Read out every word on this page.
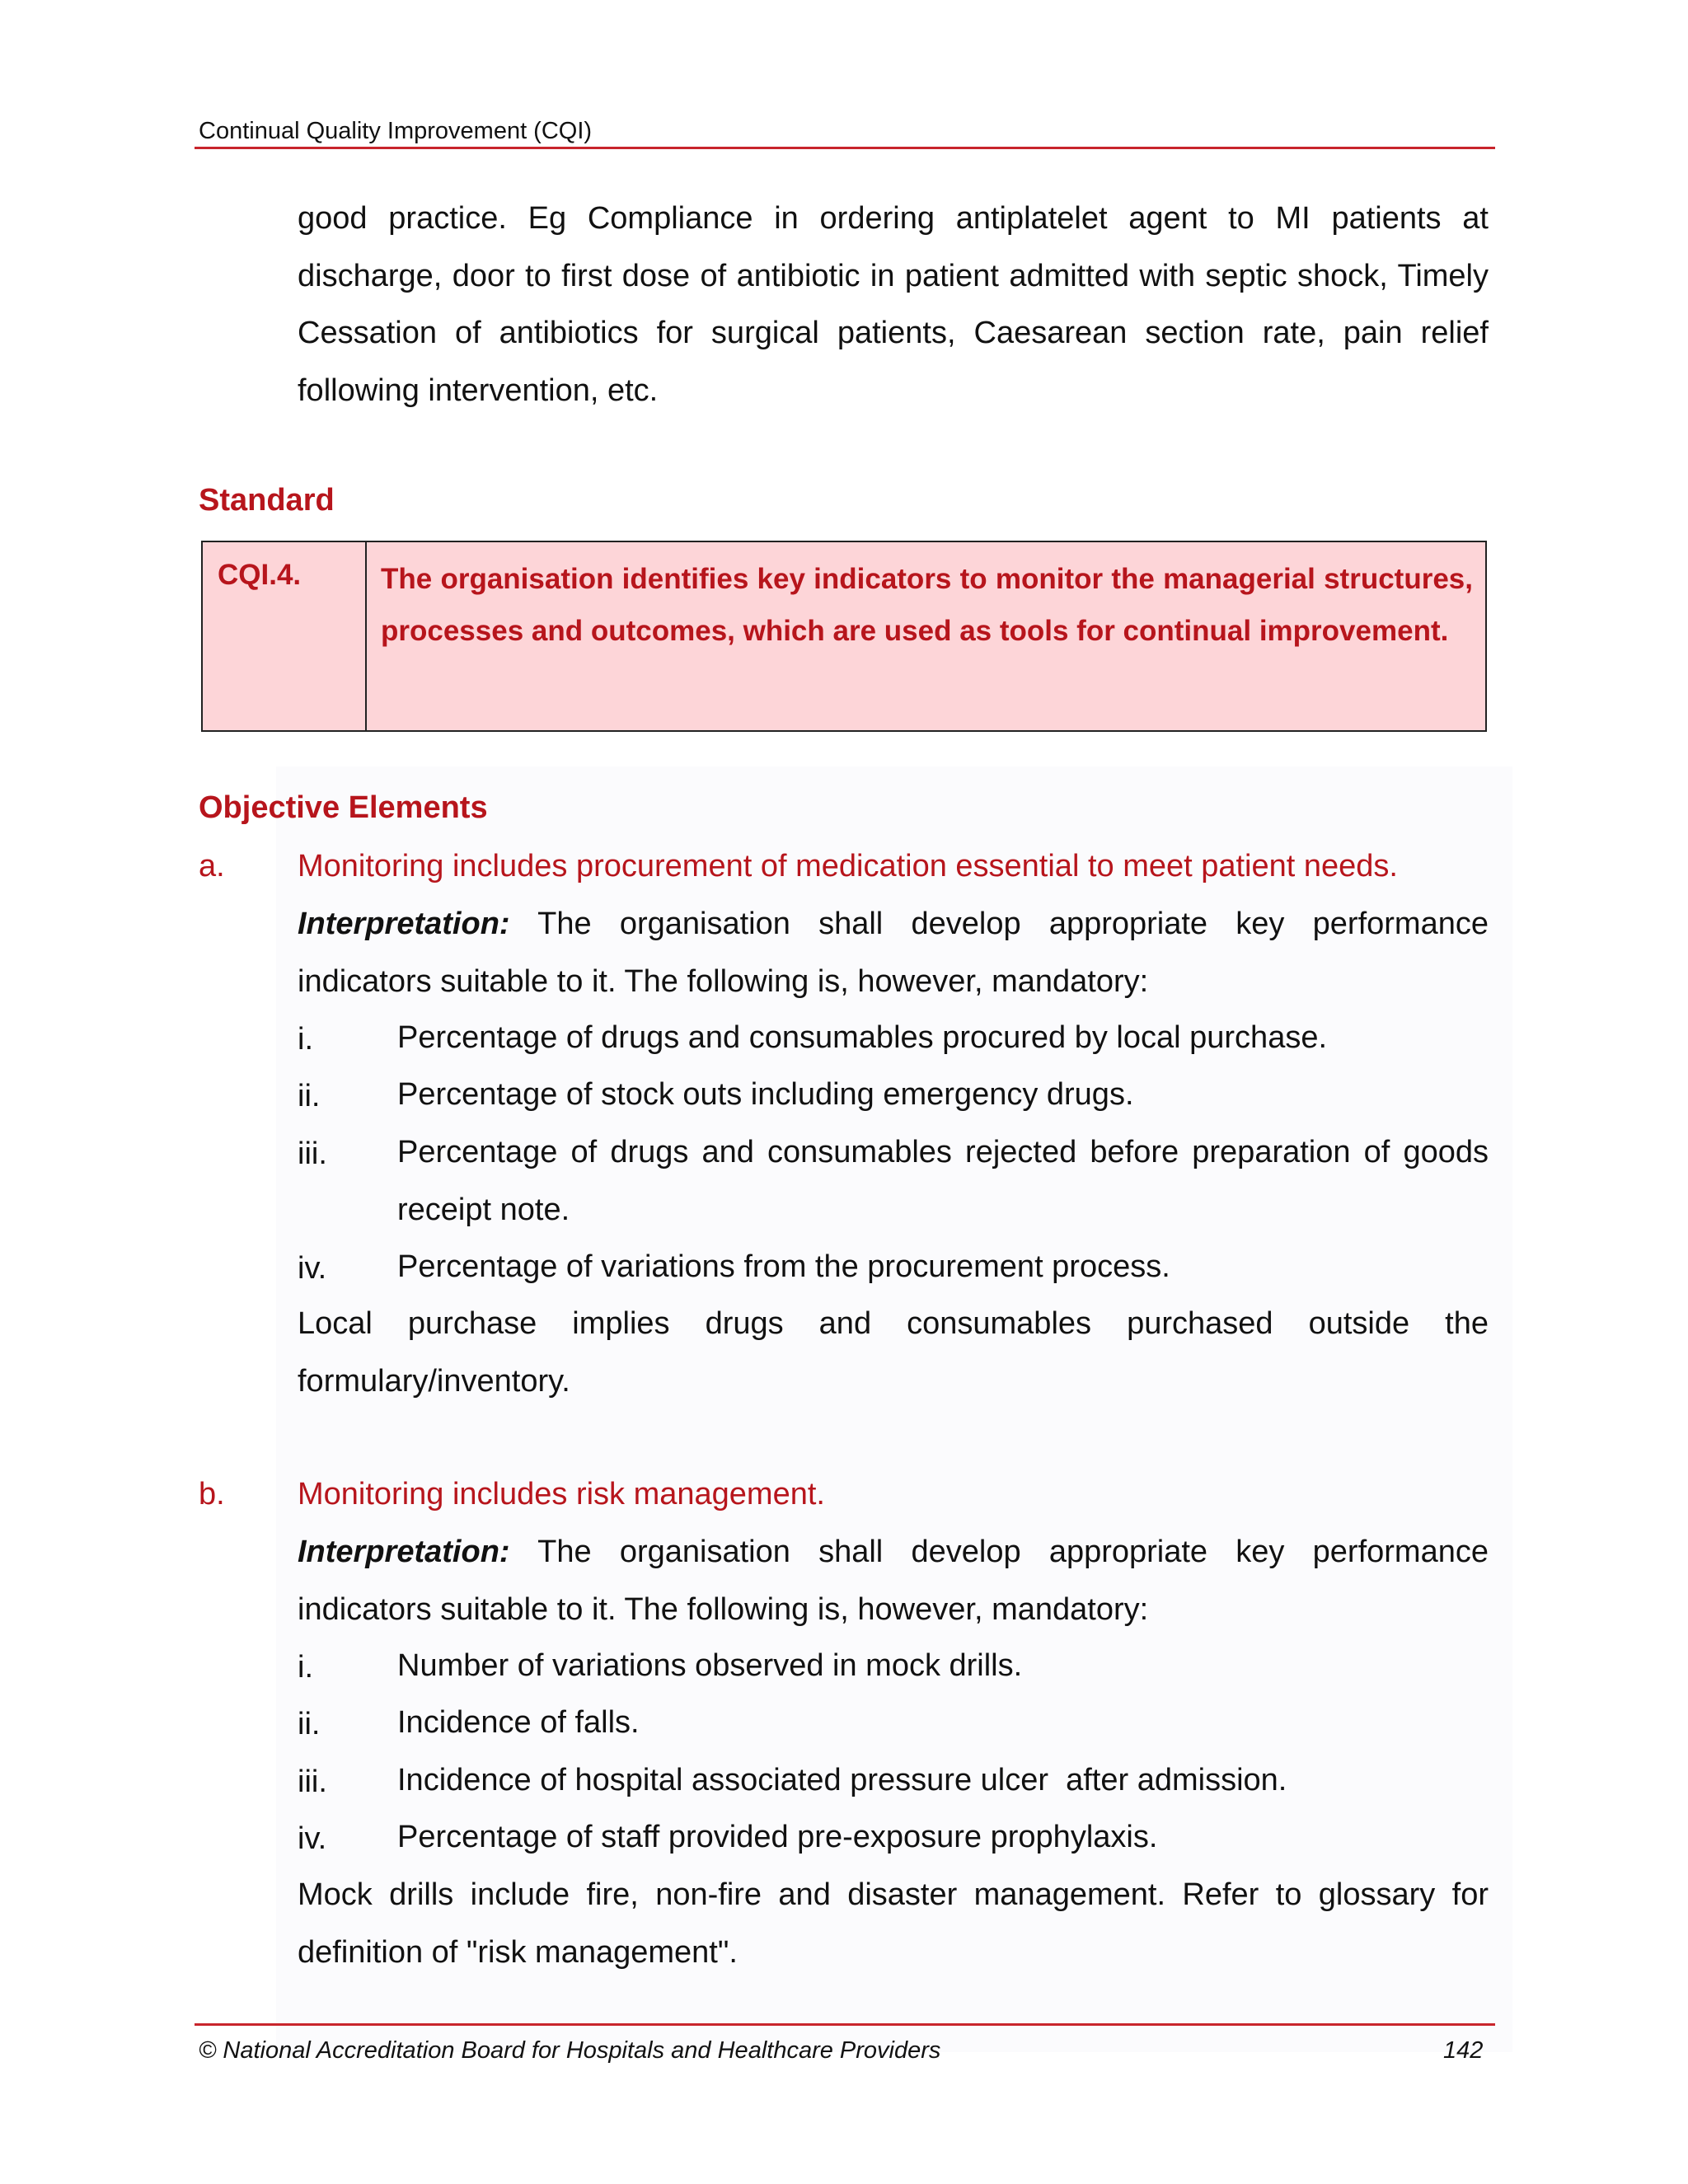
Continual Quality Improvement (CQI)
good practice. Eg Compliance in ordering antiplatelet agent to MI patients at discharge, door to first dose of antibiotic in patient admitted with septic shock, Timely Cessation of antibiotics for surgical patients, Caesarean section rate, pain relief following intervention, etc.
Standard
CQI.4.	The organisation identifies key indicators to monitor the managerial structures, processes and outcomes, which are used as tools for continual improvement.
Objective Elements
a. Monitoring includes procurement of medication essential to meet patient needs.
Interpretation: The organisation shall develop appropriate key performance indicators suitable to it. The following is, however, mandatory:
i.	Percentage of drugs and consumables procured by local purchase.
ii. Percentage of stock outs including emergency drugs.
iii. Percentage of drugs and consumables rejected before preparation of goods receipt note.
iv. Percentage of variations from the procurement process.
Local purchase implies drugs and consumables purchased outside the formulary/inventory.
b. Monitoring includes risk management.
Interpretation: The organisation shall develop appropriate key performance indicators suitable to it. The following is, however, mandatory:
i.	Number of variations observed in mock drills.
ii. Incidence of falls.
iii. Incidence of hospital associated pressure ulcer  after admission.
iv. Percentage of staff provided pre-exposure prophylaxis.
Mock drills include fire, non-fire and disaster management. Refer to glossary for definition of "risk management".
© National Accreditation Board for Hospitals and Healthcare Providers	142
